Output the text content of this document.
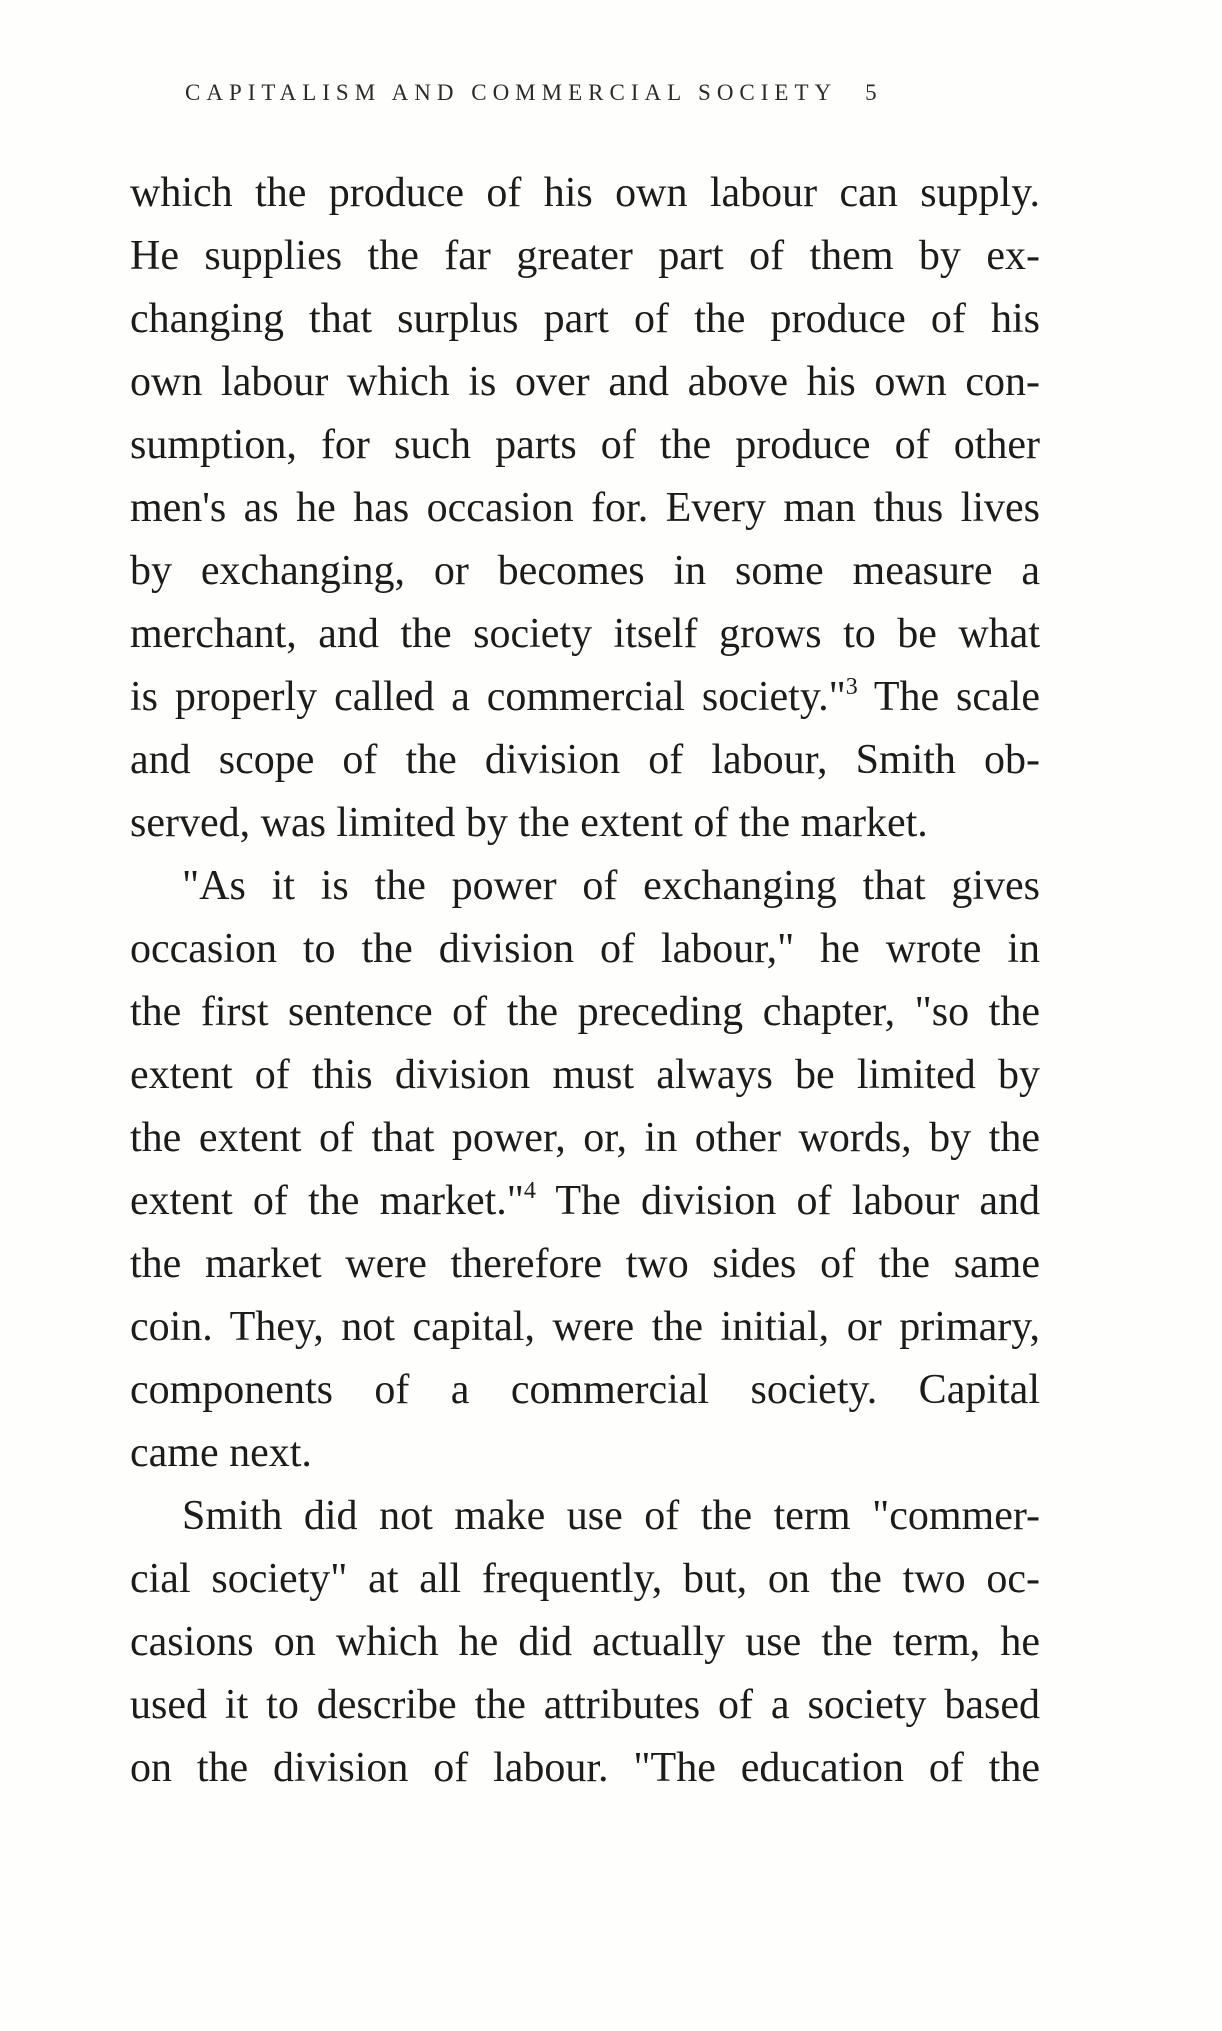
CAPITALISM AND COMMERCIAL SOCIETY 5
which the produce of his own labour can supply.
He supplies the far greater part of them by ex-
changing that surplus part of the produce of his
own labour which is over and above his own con-
sumption, for such parts of the produce of other
men's as he has occasion for. Every man thus lives
by exchanging, or becomes in some measure a
merchant, and the society itself grows to be what
is properly called a commercial society."$^3$ The scale
and scope of the division of labour, Smith ob-
served, was limited by the extent of the market.
"As it is the power of exchanging that gives
occasion to the division of labour," he wrote in
the first sentence of the preceding chapter, "so the
extent of this division must always be limited by
the extent of that power, or, in other words, by the
extent of the market."$^4$ The division of labour and
the market were therefore two sides of the same
coin. They, not capital, were the initial, or primary,
components of a commercial society. Capital
came next.
Smith did not make use of the term "commer-
cial society" at all frequently, but, on the two oc-
casions on which he did actually use the term, he
used it to describe the attributes of a society based
on the division of labour. "The education of the
